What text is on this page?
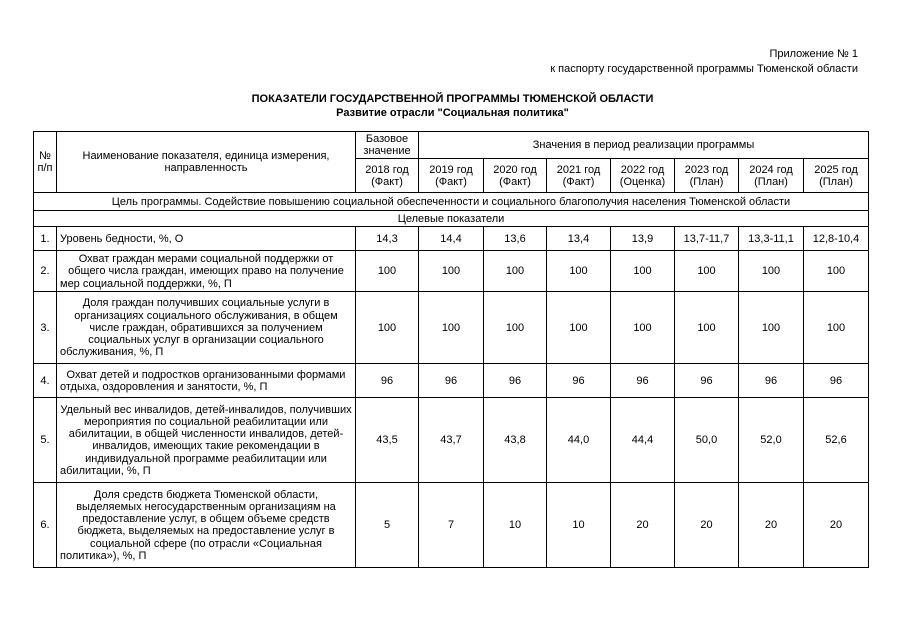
Приложение № 1
к паспорту государственной программы Тюменской области
ПОКАЗАТЕЛИ ГОСУДАРСТВЕННОЙ ПРОГРАММЫ ТЮМЕНСКОЙ ОБЛАСТИ
Развитие отрасли "Социальная политика"
№ п/п	Наименование показателя, единица измерения, направленность	Базовое значение	Значения в период реализации программы						
		2018 год (Факт)	2019 год (Факт)	2020 год (Факт)	2021 год (Факт)	2022 год (Оценка)	2023 год (План)	2024 год (План)	2025 год (План)
Цель программы. Содействие повышению социальной обеспеченности и социального благополучия населения Тюменской области									
Целевые показатели									
1.	Уровень бедности, %, О	14,3	14,4	13,6	13,4	13,9	13,7-11,7	13,3-11,1	12,8-10,4
2.	Охват граждан мерами социальной поддержки от общего числа граждан, имеющих право на получение мер социальной поддержки, %, П	100	100	100	100	100	100	100	100
3.	Доля граждан получивших социальные услуги в организациях социального обслуживания, в общем числе граждан, обратившихся за получением социальных услуг в организации социального обслуживания, %, П	100	100	100	100	100	100	100	100
4.	Охват детей и подростков организованными формами отдыха, оздоровления и занятости, %, П	96	96	96	96	96	96	96	96
5.	Удельный вес инвалидов, детей-инвалидов, получивших мероприятия по социальной реабилитации или абилитации, в общей численности инвалидов, детей-инвалидов, имеющих такие рекомендации в индивидуальной программе реабилитации или абилитации, %, П	43,5	43,7	43,8	44,0	44,4	50,0	52,0	52,6
6.	Доля средств бюджета Тюменской области, выделяемых негосударственным организациям на предоставление услуг, в общем объеме средств бюджета, выделяемых на предоставление услуг в социальной сфере (по отрасли «Социальная политика»), %, П	5	7	10	10	20	20	20	20
